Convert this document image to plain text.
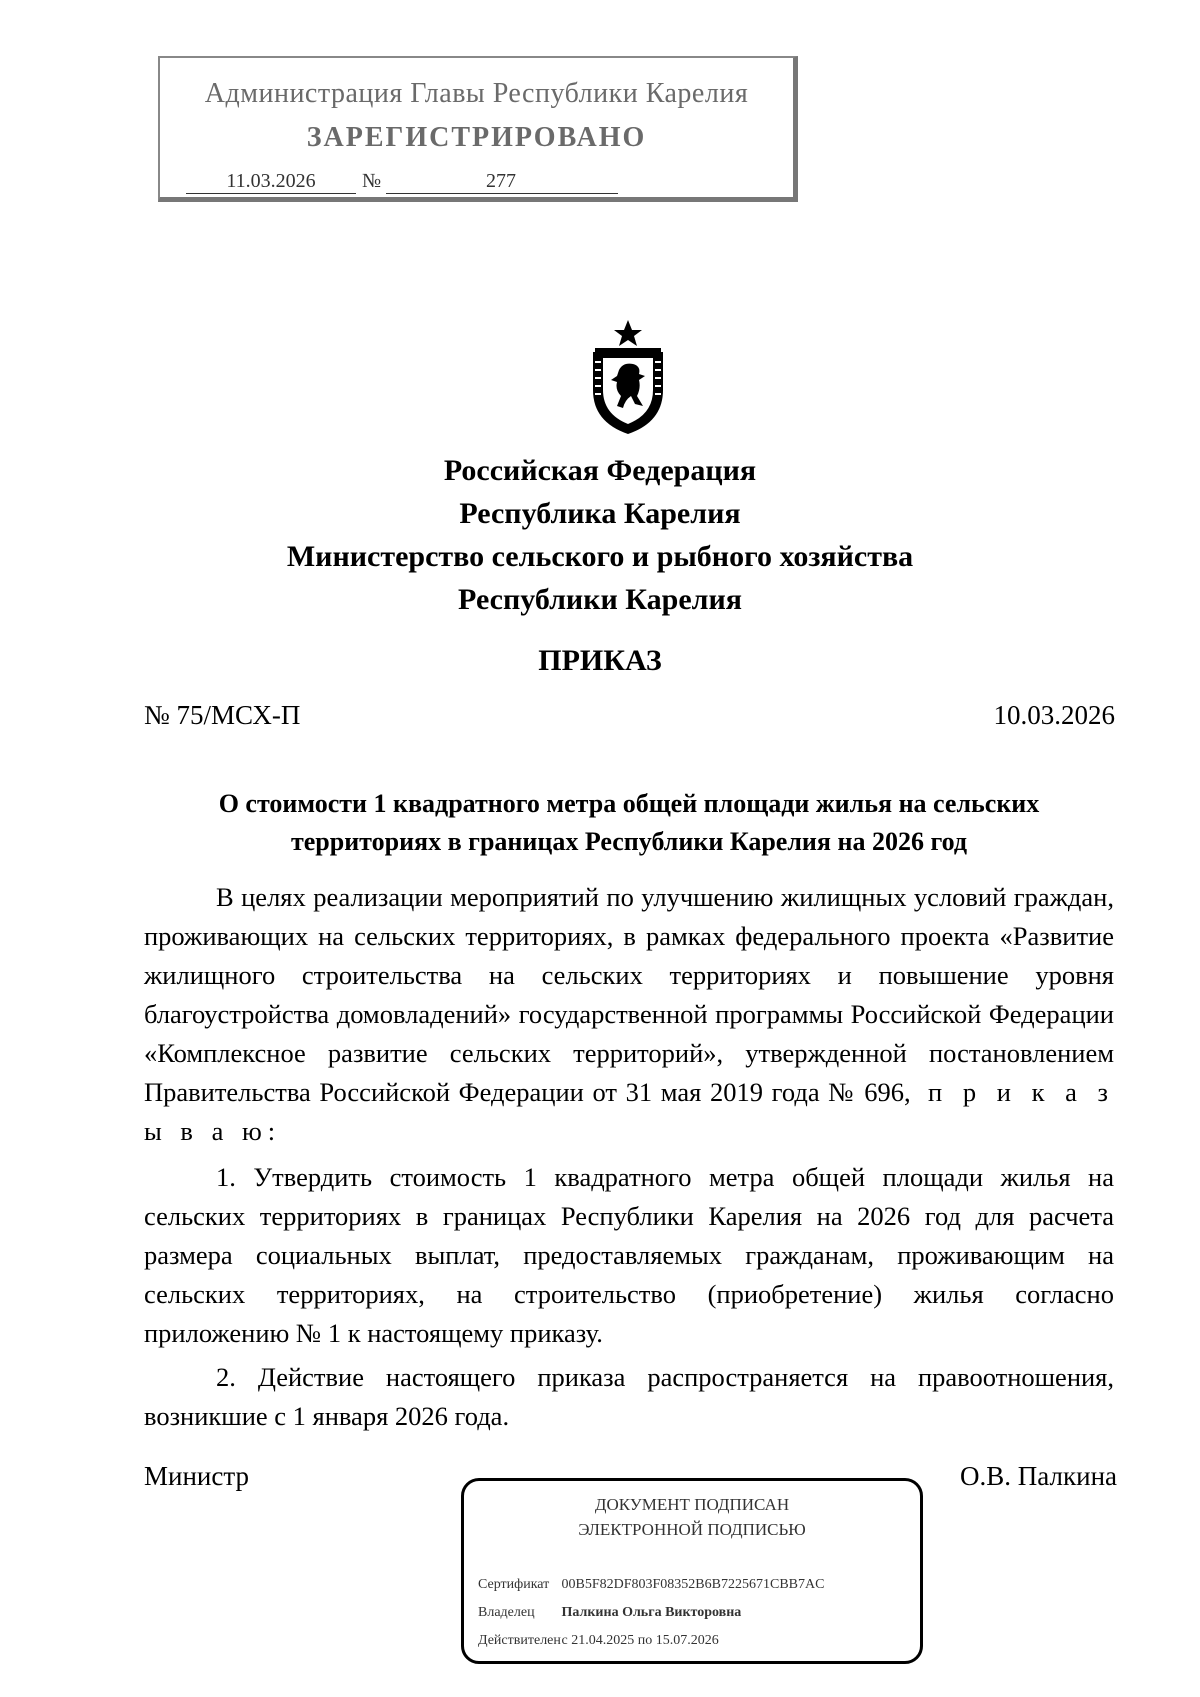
Администрация Главы Республики Карелия
ЗАРЕГИСТРИРОВАНО
11.03.2026	№	277
Российская Федерация
Республика Карелия
Министерство сельского и рыбного хозяйства
Республики Карелия
ПРИКАЗ
№ 75/МСХ-П	10.03.2026
О стоимости 1 квадратного метра общей площади жилья на сельских территориях в границах Республики Карелия на 2026 год

В целях реализации мероприятий по улучшению жилищных условий граждан, проживающих на сельских территориях, в рамках федерального проекта «Развитие жилищного строительства на сельских территориях и повышение уровня благоустройства домовладений» государственной программы Российской Федерации «Комплексное развитие сельских территорий», утвержденной постановлением Правительства Российской Федерации от 31 мая 2019 года № 696, п р и к а з ы в а ю:

1. Утвердить стоимость 1 квадратного метра общей площади жилья на сельских территориях в границах Республики Карелия на 2026 год для расчета размера социальных выплат, предоставляемых гражданам, проживающим на сельских территориях, на строительство (приобретение) жилья согласно приложению № 1 к настоящему приказу.

2. Действие настоящего приказа распространяется на правоотношения, возникшие с 1 января 2026 года.

Министр	О.В. Палкина
ДОКУМЕНТ ПОДПИСАН
ЭЛЕКТРОННОЙ ПОДПИСЬЮ
Сертификат 00B5F82DF803F08352B6B7225671CBB7AC
Владелец Палкина Ольга Викторовна
Действителен с 21.04.2025 по 15.07.2026
